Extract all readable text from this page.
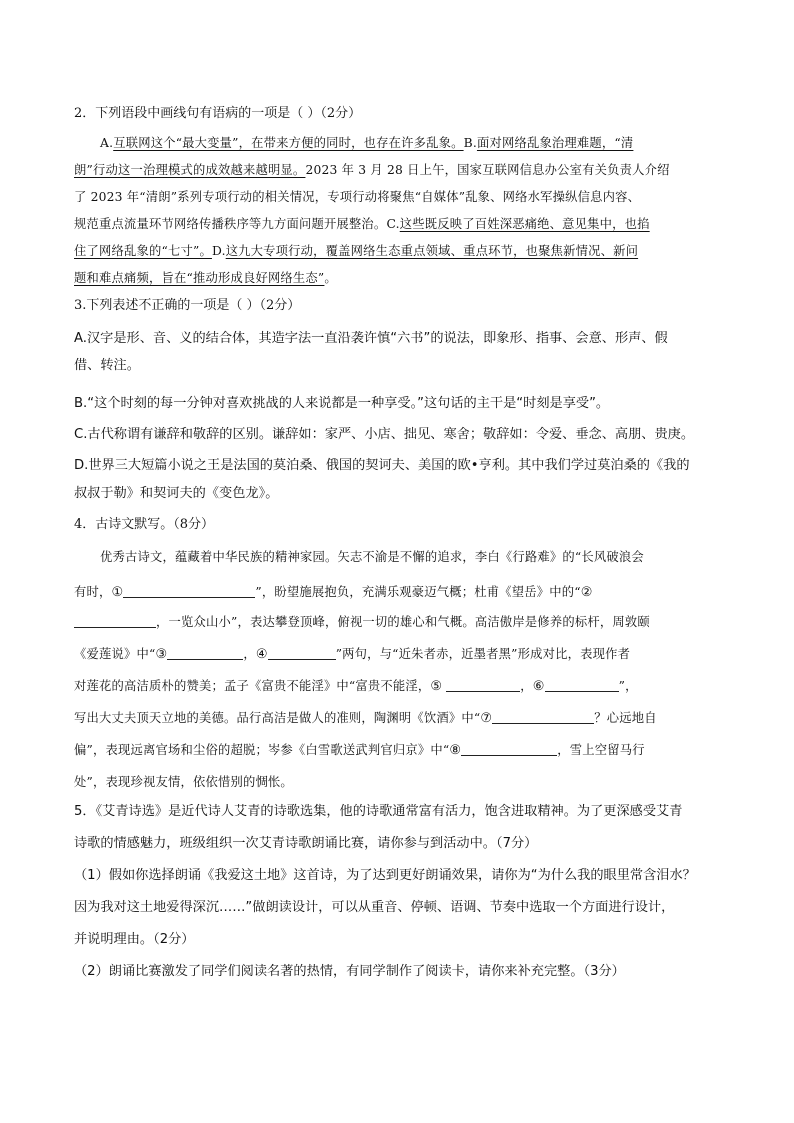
2．下列语段中画线句有语病的一项是（ ）（2分）
A.互联网这个“最大变量”，在带来方便的同时，也存在许多乱象。B.面对网络乱象治理难题，“清
朗”行动这一治理模式的成效越来越明显。2023 年 3 月 28 日上午，国家互联网信息办公室有关负责人介绍
了 2023 年“清朗”系列专项行动的相关情况，专项行动将聚焦“自媒体”乱象、网络水军操纵信息内容、
规范重点流量环节网络传播秩序等九方面问题开展整治。C.这些既反映了百姓深恶痛绝、意见集中，也掐
住了网络乱象的“七寸”。D.这九大专项行动，覆盖网络生态重点领域、重点环节，也聚焦新情况、新问
题和难点痛频，旨在“推动形成良好网络生态”。
3.下列表述不正确的一项是（ ）（2分）
A.汉字是形、音、义的结合体，其造字法一直沿袭许慎“六书”的说法，即象形、指事、会意、形声、假
借、转注。
B.“这个时刻的每一分钟对喜欢挑战的人来说都是一种享受。”这句话的主干是“时刻是享受”。
C.古代称谓有谦辞和敬辞的区别。谦辞如：家严、小店、拙见、寒舍；敬辞如：令爱、垂念、高朋、贵庚。
D.世界三大短篇小说之王是法国的莫泊桑、俄国的契诃夫、美国的欧•亨利。其中我们学过莫泊桑的《我的
叔叔于勒》和契诃夫的《变色龙》。
4．古诗文默写。（8分）
优秀古诗文，蕴藏着中华民族的精神家园。矢志不渝是不懈的追求，李白《行路难》的“长风破浪会
有时，①	”，盼望施展抱负，充满乐观豪迈气概；杜甫《望岳》中的“②
，一览众山小”，表达攀登顶峰，俯视一切的雄心和气概。高洁傲岸是修养的标杆，周敦颐
《爱莲说》中“③	，④	”两句，与“近朱者赤，近墨者黑”形成对比，表现作者
对莲花的高洁质朴的赞美；孟子《富贵不能淫》中“富贵不能淫，⑤	，⑥	”，
写出大丈夫顶天立地的美德。品行高洁是做人的准则，陶渊明《饮酒》中“⑦	？心远地自
偏”，表现远离官场和尘俗的超脱；岑参《白雪歌送武判官归京》中“⑧	，雪上空留马行
处”，表现珍视友情，依依惜别的惆怅。
5．《艾青诗选》是近代诗人艾青的诗歌选集，他的诗歌通常富有活力，饱含进取精神。为了更深感受艾青
诗歌的情感魅力，班级组织一次艾青诗歌朗诵比赛，请你参与到活动中。（7分）
（1）假如你选择朗诵《我爱这土地》这首诗，为了达到更好朗诵效果，请你为“为什么我的眼里常含泪水？
因为我对这土地爱得深沉……”做朗读设计，可以从重音、停顿、语调、节奏中选取一个方面进行设计，
并说明理由。（2分）
（2）朗诵比赛激发了同学们阅读名著的热情，有同学制作了阅读卡，请你来补充完整。（3分）
